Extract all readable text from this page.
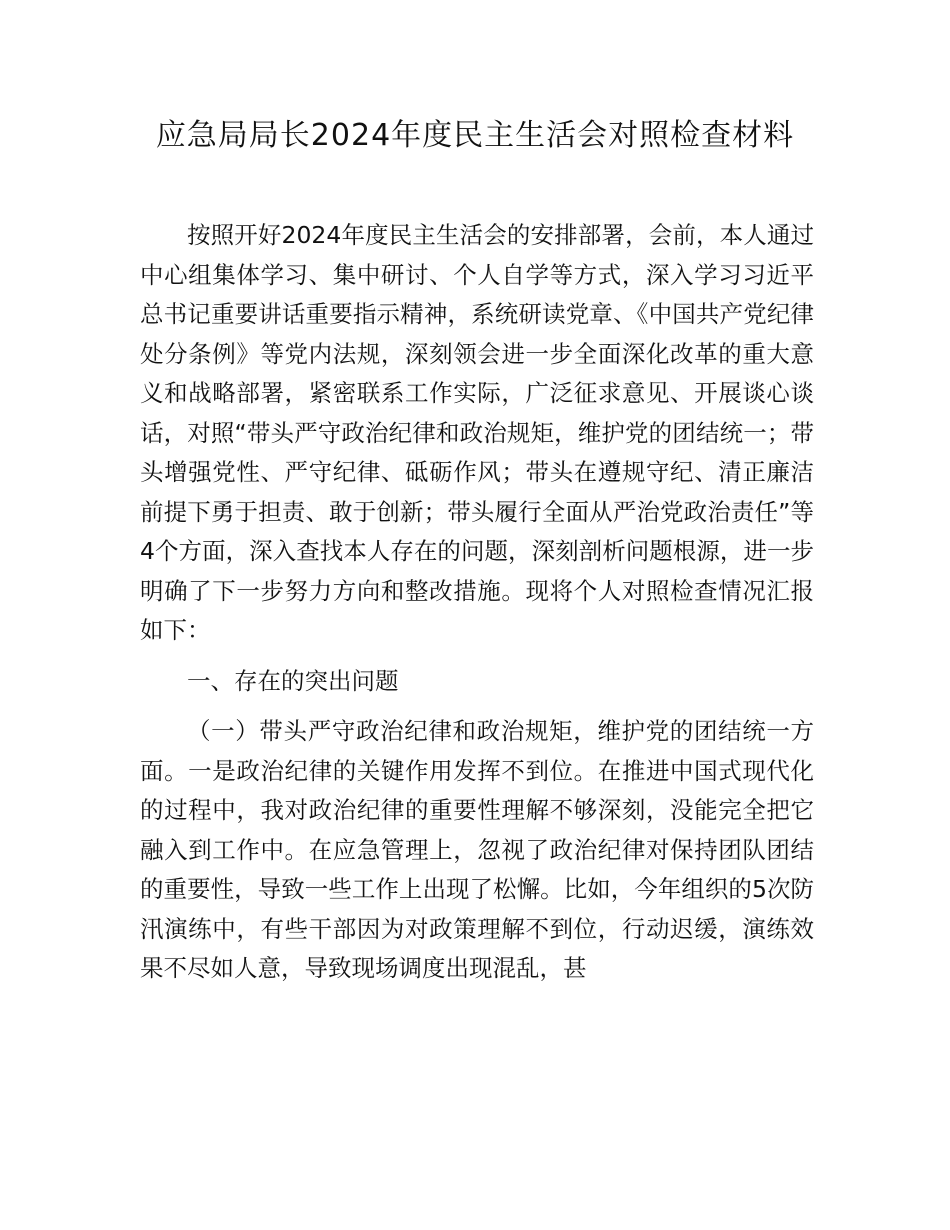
应急局局长2024年度民主生活会对照检查材料

按照开好2024年度民主生活会的安排部署，会前，本人通过中心组集体学习、集中研讨、个人自学等方式，深入学习习近平总书记重要讲话重要指示精神，系统研读党章、《中国共产党纪律处分条例》等党内法规，深刻领会进一步全面深化改革的重大意义和战略部署，紧密联系工作实际，广泛征求意见、开展谈心谈话，对照“带头严守政治纪律和政治规矩，维护党的团结统一；带头增强党性、严守纪律、砥砺作风；带头在遵规守纪、清正廉洁前提下勇于担责、敢于创新；带头履行全面从严治党政治责任”等4个方面，深入查找本人存在的问题，深刻剖析问题根源，进一步明确了下一步努力方向和整改措施。现将个人对照检查情况汇报如下：

一、存在的突出问题

（一）带头严守政治纪律和政治规矩，维护党的团结统一方面。一是政治纪律的关键作用发挥不到位。在推进中国式现代化的过程中，我对政治纪律的重要性理解不够深刻，没能完全把它融入到工作中。在应急管理上，忽视了政治纪律对保持团队团结的重要性，导致一些工作上出现了松懈。比如，今年组织的5次防汛演练中，有些干部因为对政策理解不到位，行动迟缓，演练效果不尽如人意，导致现场调度出现混乱，甚
